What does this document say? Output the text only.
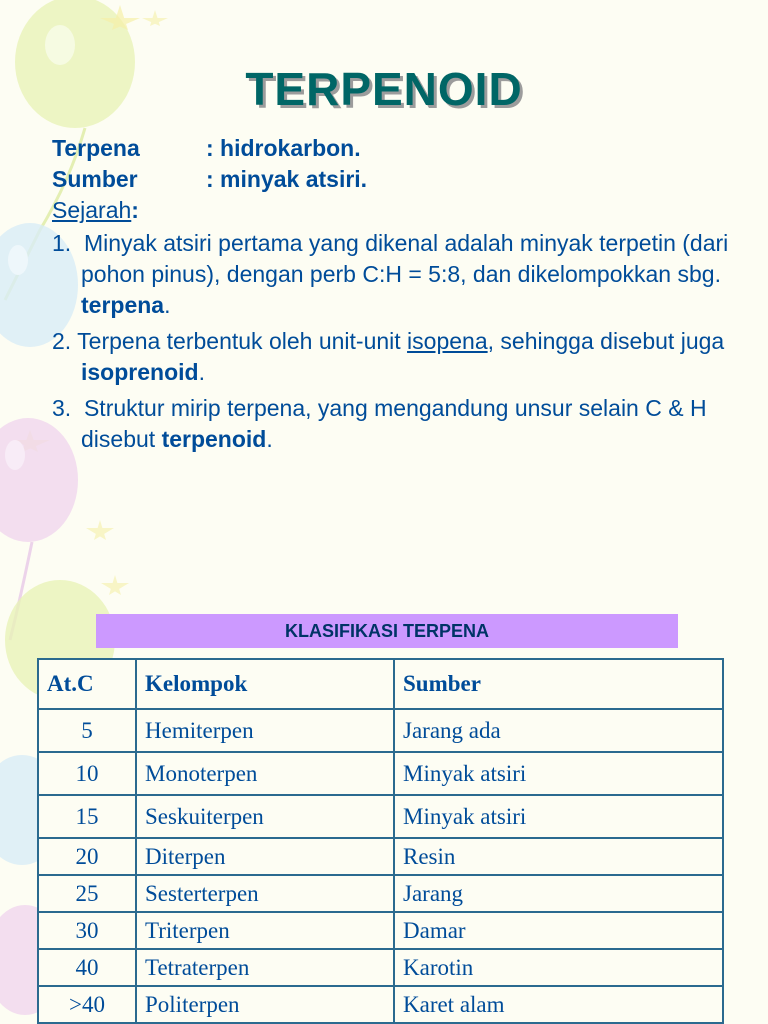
TERPENOID
Terpena	: hidrokarbon.
Sumber	: minyak atsiri.
Sejarah:
1.  Minyak atsiri pertama yang dikenal adalah minyak terpetin (dari pohon pinus), dengan perb C:H = 5:8, dan dikelompokkan sbg. terpena.
2. Terpena terbentuk oleh unit-unit isopena, sehingga disebut juga isoprenoid.
3.  Struktur mirip terpena, yang mengandung unsur selain C & H disebut terpenoid.
KLASIFIKASI TERPENA
At.C	Kelompok	Sumber
5	Hemiterpen	Jarang ada
10	Monoterpen	Minyak atsiri
15	Seskuiterpen	Minyak atsiri
20	Diterpen	Resin
25	Sesterterpen	Jarang
30	Triterpen	Damar
40	Tetraterpen	Karotin
>40	Politerpen	Karet alam
